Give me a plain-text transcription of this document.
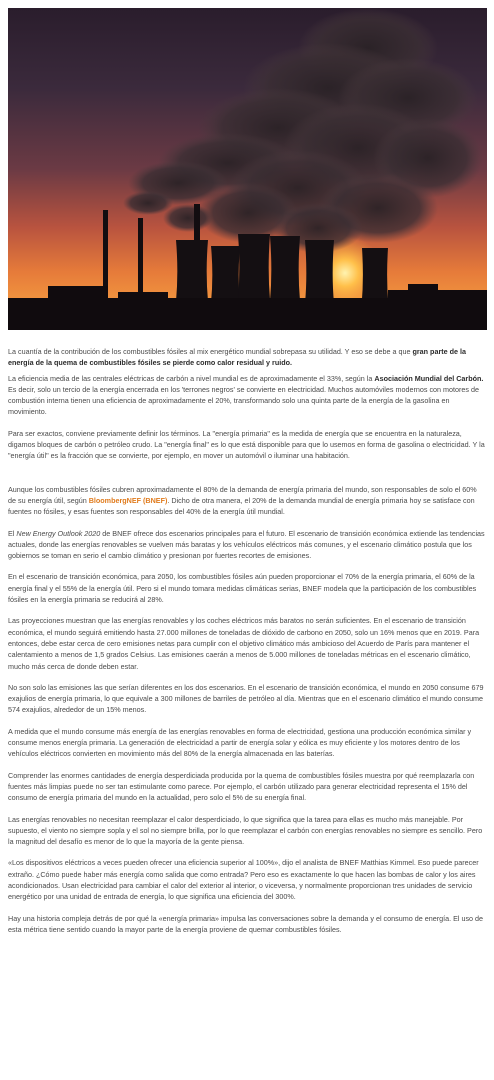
La cuantía de la contribución de los combustibles fósiles al mix energético mundial sobrepasa su utilidad. Y eso se debe a que gran parte de la energía de la quema de combustibles fósiles se pierde como calor residual y ruido.

La eficiencia media de las centrales eléctricas de carbón a nivel mundial es de aproximadamente el 33%, según la Asociación Mundial del Carbón. Es decir, solo un tercio de la energía encerrada en los 'terrones negros' se convierte en electricidad. Muchos automóviles modernos con motores de combustión interna tienen una eficiencia de aproximadamente el 20%, transformando solo una quinta parte de la energía de la gasolina en movimiento.

Para ser exactos, conviene previamente definir los términos. La "energía primaria" es la medida de energía que se encuentra en la naturaleza, digamos bloques de carbón o petróleo crudo. La "energía final" es lo que está disponible para que lo usemos en forma de gasolina o electricidad. Y la "energía útil" es la fracción que se convierte, por ejemplo, en mover un automóvil o iluminar una habitación.

Aunque los combustibles fósiles cubren aproximadamente el 80% de la demanda de energía primaria del mundo, son responsables de solo el 60% de su energía útil, según BloombergNEF (BNEF). Dicho de otra manera, el 20% de la demanda mundial de energía primaria hoy se satisface con fuentes no fósiles, y esas fuentes son responsables del 40% de la energía útil mundial.

El New Energy Outlook 2020 de BNEF ofrece dos escenarios principales para el futuro. El escenario de transición económica extiende las tendencias actuales, donde las energías renovables se vuelven más baratas y los vehículos eléctricos más comunes, y el escenario climático postula que los gobiernos se toman en serio el cambio climático y presionan por fuertes recortes de emisiones.

En el escenario de transición económica, para 2050, los combustibles fósiles aún pueden proporcionar el 70% de la energía primaria, el 60% de la energía final y el 55% de la energía útil. Pero si el mundo tomara medidas climáticas serias, BNEF modela que la participación de los combustibles fósiles en la energía primaria se reducirá al 28%.

Las proyecciones muestran que las energías renovables y los coches eléctricos más baratos no serán suficientes. En el escenario de transición económica, el mundo seguirá emitiendo hasta 27.000 millones de toneladas de dióxido de carbono en 2050, solo un 16% menos que en 2019. Para entonces, debe estar cerca de cero emisiones netas para cumplir con el objetivo climático más ambicioso del Acuerdo de París para mantener el calentamiento a menos de 1,5 grados Celsius. Las emisiones caerán a menos de 5.000 millones de toneladas métricas en el escenario climático, mucho más cerca de donde deben estar.

No son solo las emisiones las que serían diferentes en los dos escenarios. En el escenario de transición económica, el mundo en 2050 consume 679 exajulios de energía primaria, lo que equivale a 300 millones de barriles de petróleo al día. Mientras que en el escenario climático el mundo consume 574 exajulios, alrededor de un 15% menos.

A medida que el mundo consume más energía de las energías renovables en forma de electricidad, gestiona una producción económica similar y consume menos energía primaria. La generación de electricidad a partir de energía solar y eólica es muy eficiente y los motores dentro de los vehículos eléctricos convierten en movimiento más del 80% de la energía almacenada en las baterías.

Comprender las enormes cantidades de energía desperdiciada producida por la quema de combustibles fósiles muestra por qué reemplazarla con fuentes más limpias puede no ser tan estimulante como parece. Por ejemplo, el carbón utilizado para generar electricidad representa el 15% del consumo de energía primaria del mundo en la actualidad, pero solo el 5% de su energía final.

Las energías renovables no necesitan reemplazar el calor desperdiciado, lo que significa que la tarea para ellas es mucho más manejable. Por supuesto, el viento no siempre sopla y el sol no siempre brilla, por lo que reemplazar el carbón con energías renovables no siempre es sencillo. Pero la magnitud del desafío es menor de lo que la mayoría de la gente piensa.

«Los dispositivos eléctricos a veces pueden ofrecer una eficiencia superior al 100%», dijo el analista de BNEF Matthias Kimmel. Eso puede parecer extraño. ¿Cómo puede haber más energía como salida que como entrada? Pero eso es exactamente lo que hacen las bombas de calor y los aires acondicionados. Usan electricidad para cambiar el calor del exterior al interior, o viceversa, y normalmente proporcionan tres unidades de servicio energético por una unidad de entrada de energía, lo que significa una eficiencia del 300%.

Hay una historia compleja detrás de por qué la «energía primaria» impulsa las conversaciones sobre la demanda y el consumo de energía. El uso de esta métrica tiene sentido cuando la mayor parte de la energía proviene de quemar combustibles fósiles.
